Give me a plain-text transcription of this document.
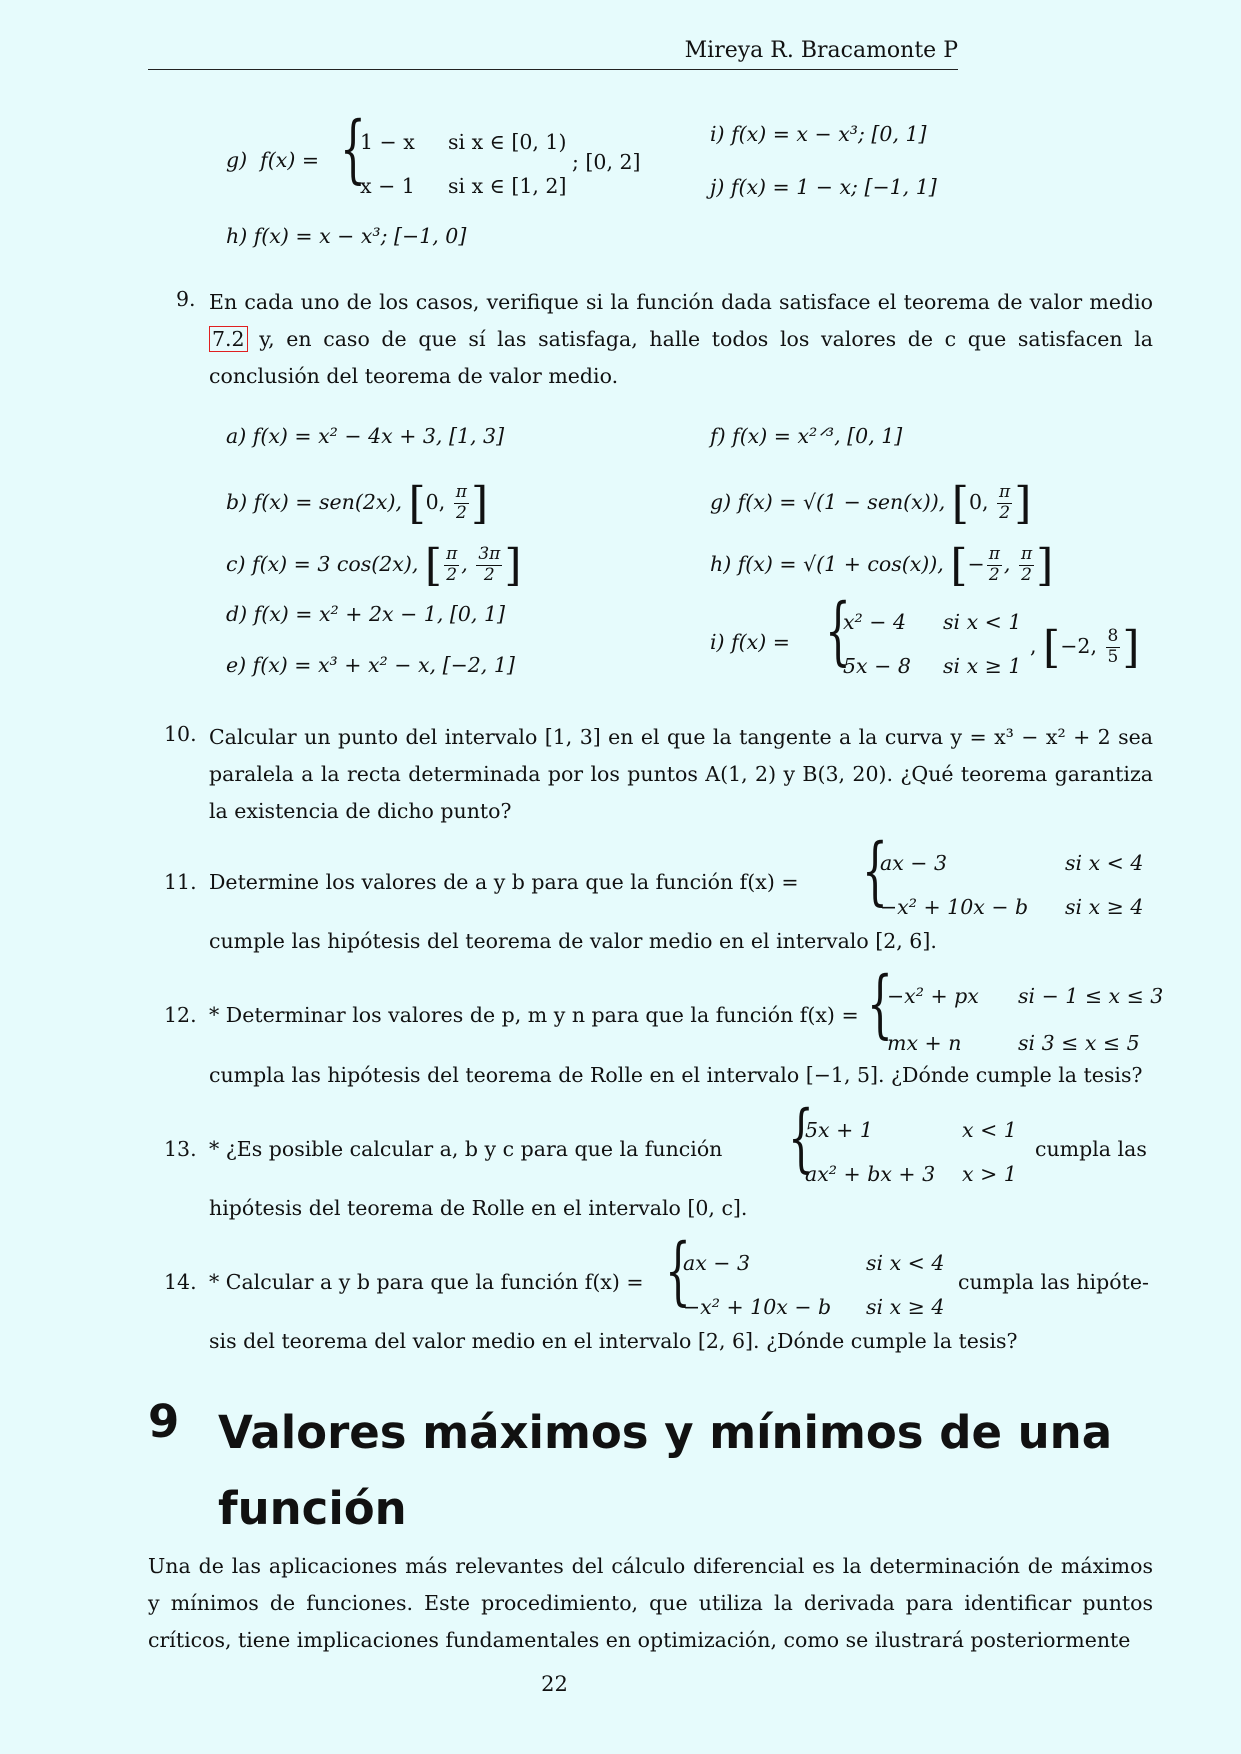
Mireya R. Bracamonte P
g) f(x) = {
1 − x si x ∈ [0, 1)
x − 1 si x ∈ [1, 2]
; [0, 2]
h) f(x) = x − x³; [−1, 0]
i) f(x) = x − x³; [0, 1]
j) f(x) = 1 − x; [−1, 1]
9. En cada uno de los casos, verifique si la función dada satisface el teorema de valor medio 7.2 y, en caso de que sí las satisfaga, halle todos los valores de c que satisfacen la conclusión del teorema de valor medio.
a) f(x) = x² − 4x + 3, [1, 3]
b) f(x) = sen(2x), [0, $\frac{\pi}{2}$ ]
c) f(x) = 3 cos(2x), [ $\frac{\pi}{2}$ , $\frac{3\pi}{2}$ ]
d) f(x) = x² + 2x − 1, [0, 1]
e) f(x) = x³ + x² − x, [−2, 1]
f) f(x) = x²ᐟ³, [0, 1]
g) f(x) = √(1 − sen(x)), [0, $\frac{\pi}{2}$ ]
h) f(x) = √(1 + cos(x)), [− $\frac{\pi}{2}$ , $\frac{\pi}{2}$ ]
i) f(x) = {
x² − 4 si x < 1
5x − 8 si x ≥ 1
, [−2, $\frac{8}{5}$ ]
10. Calcular un punto del intervalo [1, 3] en el que la tangente a la curva y = x³ − x² + 2 sea paralela a la recta determinada por los puntos A(1, 2) y B(3, 20). ¿Qué teorema garantiza la existencia de dicho punto?
11. Determine los valores de a y b para que la función f(x) = {
ax − 3	si x < 4
−x² + 10x − b si x ≥ 4
cumple las hipótesis del teorema de valor medio en el intervalo [2, 6].
12. * Determinar los valores de p, m y n para que la función f(x) = {
−x² + px si − 1 ≤ x ≤ 3
mx + n	si 3 ≤ x ≤ 5
cumpla las hipótesis del teorema de Rolle en el intervalo [−1, 5]. ¿Dónde cumple la tesis?
13. * ¿Es posible calcular a, b y c para que la función {
5x + 1	x < 1
ax² + bx + 3 x > 1
cumpla las
hipótesis del teorema de Rolle en el intervalo [0, c].
14. * Calcular a y b para que la función f(x) = {
ax − 3	si x < 4
−x² + 10x − b si x ≥ 4
cumpla las hipóte-
sis del teorema del valor medio en el intervalo [2, 6]. ¿Dónde cumple la tesis?
9 Valores máximos y mínimos de una función
Una de las aplicaciones más relevantes del cálculo diferencial es la determinación de máximos y mínimos de funciones. Este procedimiento, que utiliza la derivada para identificar puntos críticos, tiene implicaciones fundamentales en optimización, como se ilustrará posteriormente
22
